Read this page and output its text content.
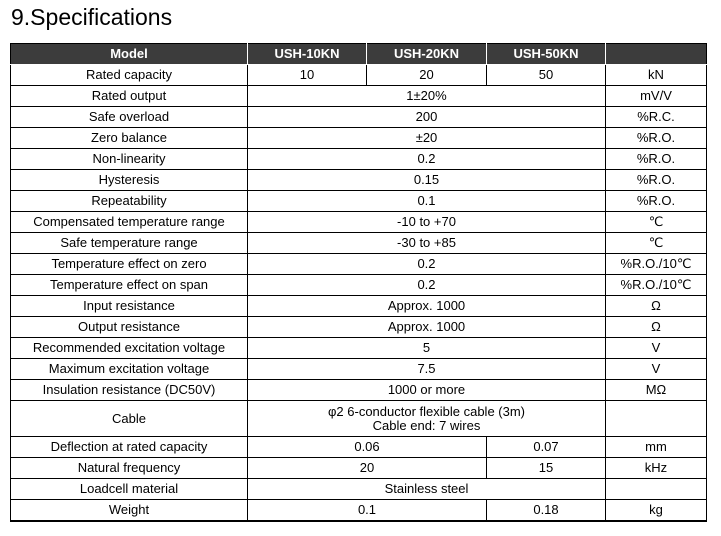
9.Specifications
Model	USH-10KN	USH-20KN	USH-50KN	
Rated capacity	10	20	50	kN
Rated output	1±20%			mV/V
Safe overload	200			%R.C.
Zero balance	±20			%R.O.
Non-linearity	0.2			%R.O.
Hysteresis	0.15			%R.O.
Repeatability	0.1			%R.O.
Compensated temperature range	-10 to +70			℃
Safe temperature range	-30 to +85			℃
Temperature effect on zero	0.2			%R.O./10℃
Temperature effect on span	0.2			%R.O./10℃
Input resistance	Approx. 1000			Ω
Output resistance	Approx. 1000			Ω
Recommended excitation voltage	5			V
Maximum excitation voltage	7.5			V
Insulation resistance (DC50V)	1000 or more			MΩ
Cable	φ2 6-conductor flexible cable (3m)
Cable end: 7 wires			

Deflection at rated capacity	0.06		0.07	mm
Natural frequency	20		15	kHz
Loadcell material	Stainless steel			
Weight	0.1		0.18	kg
